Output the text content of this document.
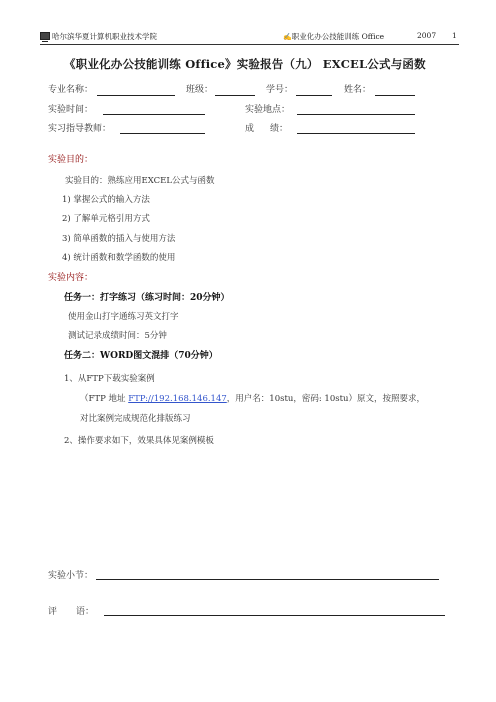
哈尔滨华夏计算机职业技术学院	✍职业化办公技能训练 Office	2007 1
《职业化办公技能训练 Office》实验报告（九） EXCEL公式与函数
专业名称：	班级：	学号：	姓名：
实验时间：	实验地点：
实习指导教师：	成 绩：
实验目的：
实验目的：熟练应用EXCEL公式与函数
1) 掌握公式的输入方法
2) 了解单元格引用方式
3) 简单函数的插入与使用方法
4) 统计函数和数学函数的使用
实验内容：
任务一：打字练习（练习时间：20分钟）
使用金山打字通练习英文打字
测试记录成绩时间：5分钟
任务二：WORD图文混排（70分钟）
1、从FTP下载实验案例
（FTP 地址 FTP://192.168.146.147，用户名：10stu，密码: 10stu）原文，按照要求，
对比案例完成规范化排版练习
2、操作要求如下，效果具体见案例模板
实验小节：
评 语：
